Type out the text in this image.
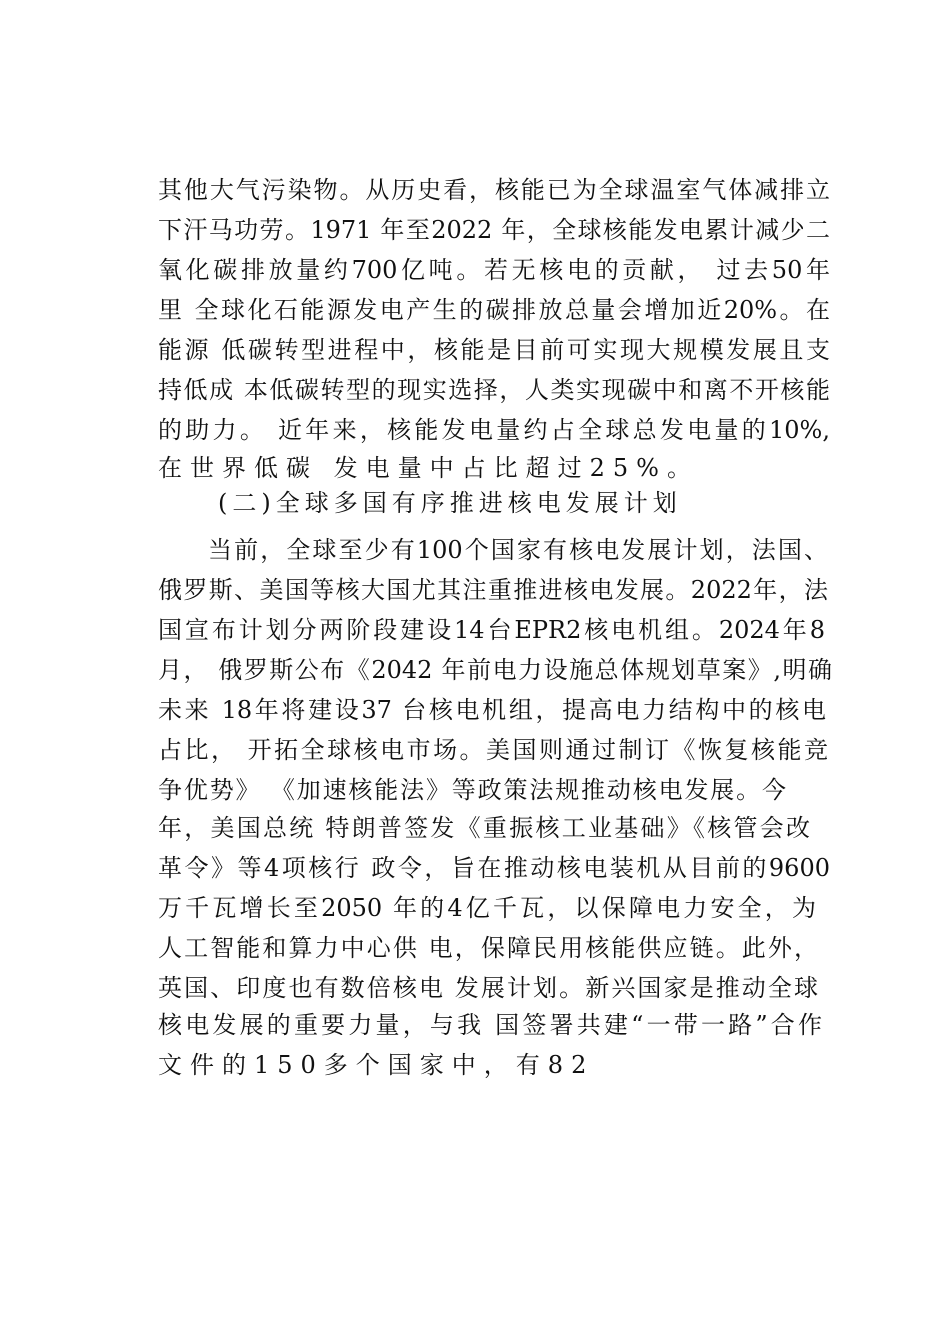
其他大气污染物。从历史看，核能已为全球温室气体减排立
下汗马功劳。1971 年至2022 年，全球核能发电累计减少二
氧化碳排放量约700亿吨。若无核电的贡献， 过去50年
里 全球化石能源发电产生的碳排放总量会增加近20%。在
能源 低碳转型进程中，核能是目前可实现大规模发展且支
持低成 本低碳转型的现实选择，人类实现碳中和离不开核能
的助力。 近年来，核能发电量约占全球总发电量的10%,
在世界低碳 发电量中占比超过25%。
(二)全球多国有序推进核电发展计划
当前，全球至少有100个国家有核电发展计划，法国、
俄罗斯、美国等核大国尤其注重推进核电发展。2022年，法
国宣布计划分两阶段建设14台EPR2核电机组。2024年8
月， 俄罗斯公布《2042 年前电力设施总体规划草案》,明确
未来 18年将建设37 台核电机组，提高电力结构中的核电
占比， 开拓全球核电市场。美国则通过制订《恢复核能竞
争优势》 《加速核能法》等政策法规推动核电发展。今
年，美国总统 特朗普签发《重振核工业基础》《核管会改
革令》等4项核行 政令，旨在推动核电装机从目前的9600
万千瓦增长至2050 年的4亿千瓦，以保障电力安全，为
人工智能和算力中心供 电，保障民用核能供应链。此外，
英国、印度也有数倍核电 发展计划。新兴国家是推动全球
核电发展的重要力量，与我 国签署共建“一带一路”合作
文件的150多个国家中，有82
